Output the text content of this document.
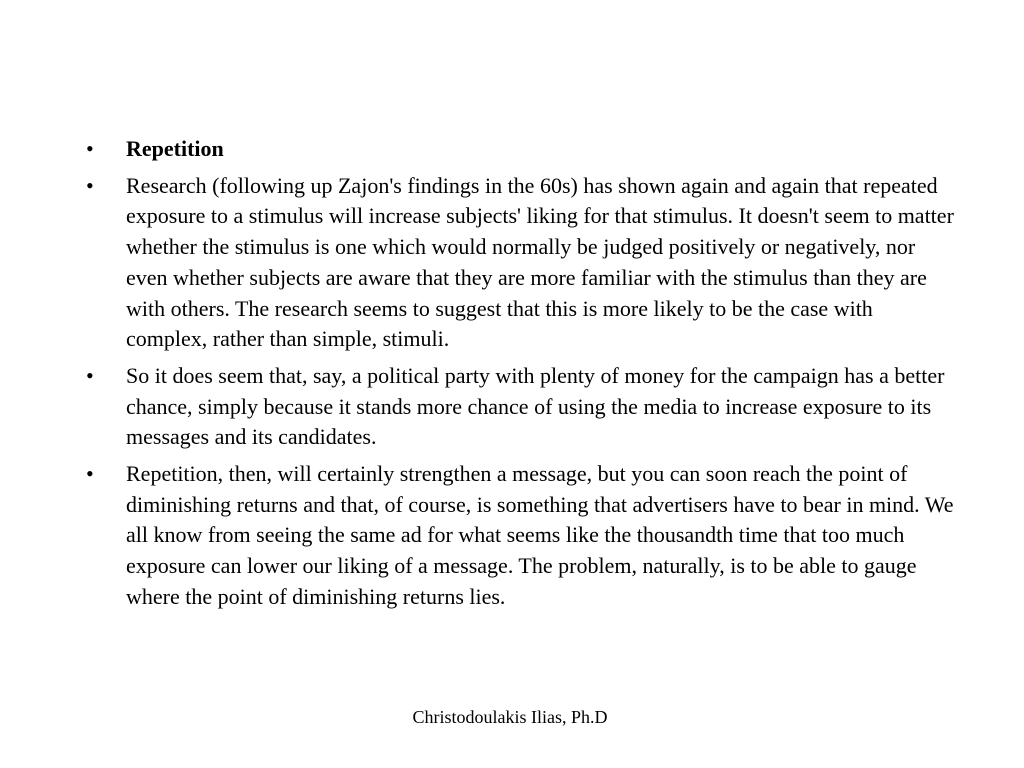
•	Repetition
•	Research (following up Zajon's findings in the 60s) has shown again and again that repeated exposure to a stimulus will increase subjects' liking for that stimulus. It doesn't seem to matter whether the stimulus is one which would normally be judged positively or negatively, nor even whether subjects are aware that they are more familiar with the stimulus than they are with others. The research seems to suggest that this is more likely to be the case with complex, rather than simple, stimuli.
•	So it does seem that, say, a political party with plenty of money for the campaign has a better chance, simply because it stands more chance of using the media to increase exposure to its messages and its candidates.
•	Repetition, then, will certainly strengthen a message, but you can soon reach the point of diminishing returns and that, of course, is something that advertisers have to bear in mind. We all know from seeing the same ad for what seems like the thousandth time that too much exposure can lower our liking of a message. The problem, naturally, is to be able to gauge where the point of diminishing returns lies.
Christodoulakis Ilias, Ph.D
